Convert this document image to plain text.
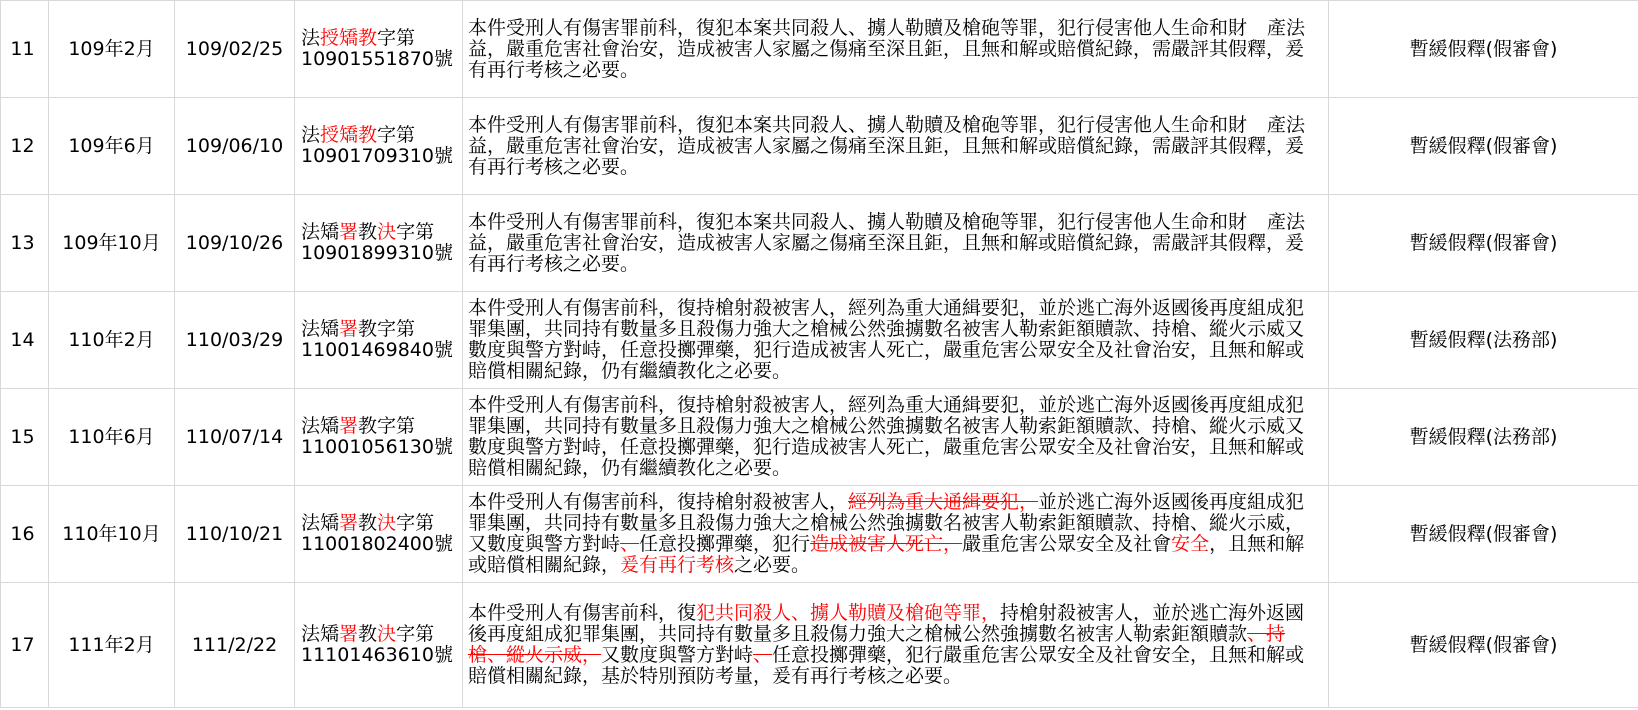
11	109年2月	109/02/25	法授矯教字第
10901551870號	本件受刑人有傷害罪前科，復犯本案共同殺人、擄人勒贖及槍砲等罪，犯行侵害他人生命和財 產法益，嚴重危害社會治安，造成被害人家屬之傷痛至深且鉅，且無和解或賠償紀錄，需嚴評其假釋，爰有再行考核之必要。	暫緩假釋(假審會)
12	109年6月	109/06/10	法授矯教字第
10901709310號	本件受刑人有傷害罪前科，復犯本案共同殺人、擄人勒贖及槍砲等罪，犯行侵害他人生命和財 產法益，嚴重危害社會治安，造成被害人家屬之傷痛至深且鉅，且無和解或賠償紀錄，需嚴評其假釋，爰有再行考核之必要。	暫緩假釋(假審會)
13	109年10月	109/10/26	法矯署教決字第
10901899310號	本件受刑人有傷害罪前科，復犯本案共同殺人、擄人勒贖及槍砲等罪，犯行侵害他人生命和財 產法益，嚴重危害社會治安，造成被害人家屬之傷痛至深且鉅，且無和解或賠償紀錄，需嚴評其假釋，爰有再行考核之必要。	暫緩假釋(假審會)
14	110年2月	110/03/29	法矯署教字第
11001469840號	本件受刑人有傷害前科，復持槍射殺被害人，經列為重大通緝要犯，並於逃亡海外返國後再度組成犯罪集團，共同持有數量多且殺傷力強大之槍械公然強擄數名被害人勒索鉅額贖款、持槍、縱火示威又數度與警方對峙，任意投擲彈藥，犯行造成被害人死亡，嚴重危害公眾安全及社會治安，且無和解或賠償相關紀錄，仍有繼續教化之必要。	暫緩假釋(法務部)
15	110年6月	110/07/14	法矯署教字第
11001056130號	本件受刑人有傷害前科，復持槍射殺被害人，經列為重大通緝要犯，並於逃亡海外返國後再度組成犯罪集團，共同持有數量多且殺傷力強大之槍械公然強擄數名被害人勒索鉅額贖款、持槍、縱火示威又數度與警方對峙，任意投擲彈藥，犯行造成被害人死亡，嚴重危害公眾安全及社會治安，且無和解或賠償相關紀錄，仍有繼續教化之必要。	暫緩假釋(法務部)
16	110年10月	110/10/21	法矯署教決字第
11001802400號	本件受刑人有傷害前科，復持槍射殺被害人，經列為重大通緝要犯，並於逃亡海外返國後再度組成犯罪集團，共同持有數量多且殺傷力強大之槍械公然強擄數名被害人勒索鉅額贖款、持槍、縱火示威，又數度與警方對峙、任意投擲彈藥，犯行造成被害人死亡，嚴重危害公眾安全及社會安全，且無和解或賠償相關紀錄，爰有再行考核之必要。	暫緩假釋(假審會)
17	111年2月	111/2/22	法矯署教決字第
11101463610號	本件受刑人有傷害前科，復犯共同殺人、擄人勒贖及槍砲等罪，持槍射殺被害人，並於逃亡海外返國後再度組成犯罪集團，共同持有數量多且殺傷力強大之槍械公然強擄數名被害人勒索鉅額贖款、持槍、縱火示威，又數度與警方對峙、任意投擲彈藥，犯行嚴重危害公眾安全及社會安全，且無和解或賠償相關紀錄，基於特別預防考量，爰有再行考核之必要。	暫緩假釋(假審會)
